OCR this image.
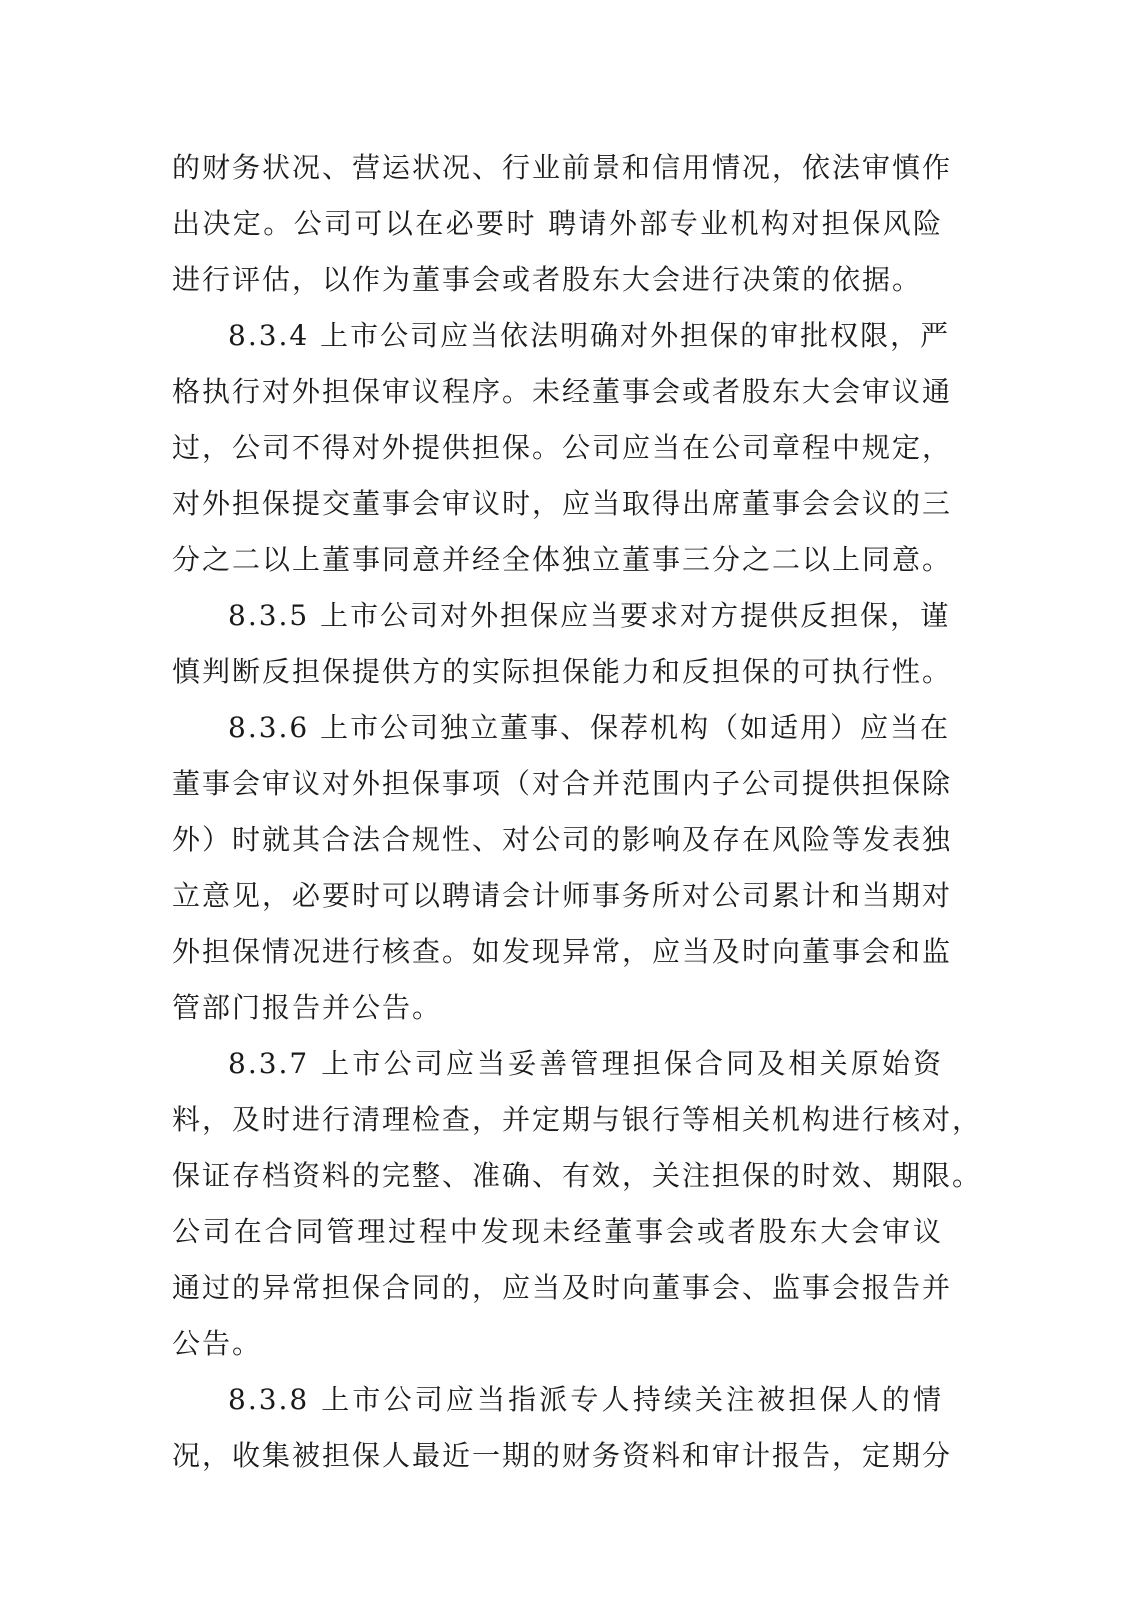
的财务状况、营运状况、行业前景和信用情况，依法审慎作
出决定。公司可以在必要时 聘请外部专业机构对担保风险
进行评估，以作为董事会或者股东大会进行决策的依据。
8.3.4 上市公司应当依法明确对外担保的审批权限，严
格执行对外担保审议程序。未经董事会或者股东大会审议通
过，公司不得对外提供担保。公司应当在公司章程中规定，
对外担保提交董事会审议时，应当取得出席董事会会议的三
分之二以上董事同意并经全体独立董事三分之二以上同意。
8.3.5 上市公司对外担保应当要求对方提供反担保，谨
慎判断反担保提供方的实际担保能力和反担保的可执行性。
8.3.6 上市公司独立董事、保荐机构（如适用）应当在
董事会审议对外担保事项（对合并范围内子公司提供担保除
外）时就其合法合规性、对公司的影响及存在风险等发表独
立意见，必要时可以聘请会计师事务所对公司累计和当期对
外担保情况进行核查。如发现异常，应当及时向董事会和监
管部门报告并公告。
8.3.7 上市公司应当妥善管理担保合同及相关原始资
料，及时进行清理检查，并定期与银行等相关机构进行核对，
保证存档资料的完整、准确、有效，关注担保的时效、期限。
公司在合同管理过程中发现未经董事会或者股东大会审议
通过的异常担保合同的，应当及时向董事会、监事会报告并
公告。
8.3.8 上市公司应当指派专人持续关注被担保人的情
况，收集被担保人最近一期的财务资料和审计报告，定期分
